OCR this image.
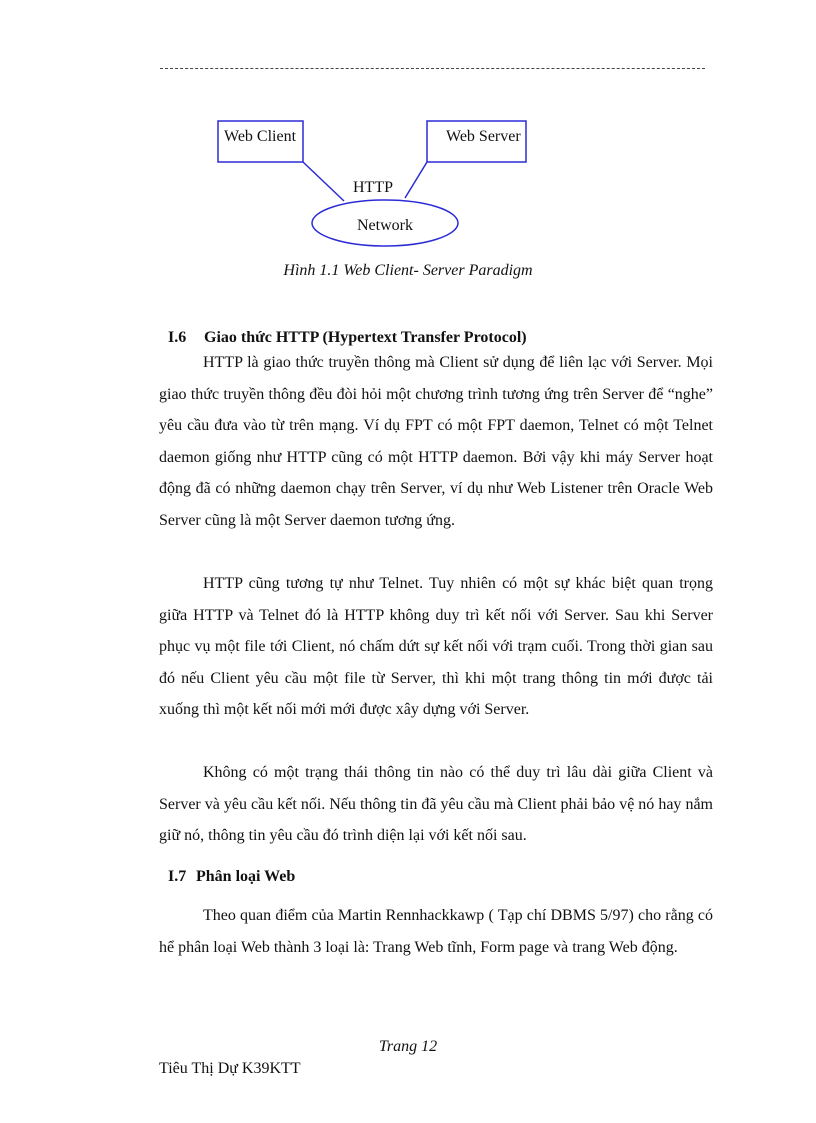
Web Client	Web Server
HTTP
Network
Hình 1.1 Web Client- Server Paradigm
I.6 Giao thức HTTP (Hypertext Transfer Protocol)

HTTP là giao thức truyền thông mà Client sử dụng để liên lạc với Server. Mọi giao thức truyền thông đều đòi hỏi một chương trình tương ứng trên Server để “nghe” yêu cầu đưa vào từ trên mạng. Ví dụ FPT có một FPT daemon, Telnet có một Telnet daemon giống như HTTP cũng có một HTTP daemon. Bởi vậy khi máy Server hoạt động đã có những daemon chạy trên Server, ví dụ như Web Listener trên Oracle Web Server cũng là một Server daemon tương ứng.

HTTP cũng tương tự như Telnet. Tuy nhiên có một sự khác biệt quan trọng giữa HTTP và Telnet đó là HTTP không duy trì kết nối với Server. Sau khi Server phục vụ một file tới Client, nó chấm dứt sự kết nối với trạm cuối. Trong thời gian sau đó nếu Client yêu cầu một file từ Server, thì khi một trang thông tin mới được tải xuống thì một kết nối mới mới được xây dựng với Server.

Không có một trạng thái thông tin nào có thể duy trì lâu dài giữa Client và Server và yêu cầu kết nối. Nếu thông tin đã yêu cầu mà Client phải bảo vệ nó hay nắm giữ nó, thông tin yêu cầu đó trình diện lại với kết nối sau.

I.7 Phân loại Web

Theo quan điểm của Martin Rennhackkawp ( Tạp chí DBMS 5/97) cho rằng có hể phân loại Web thành 3 loại là: Trang Web tĩnh, Form page và trang Web động.

Trang 12
Tiêu Thị Dự K39KTT
